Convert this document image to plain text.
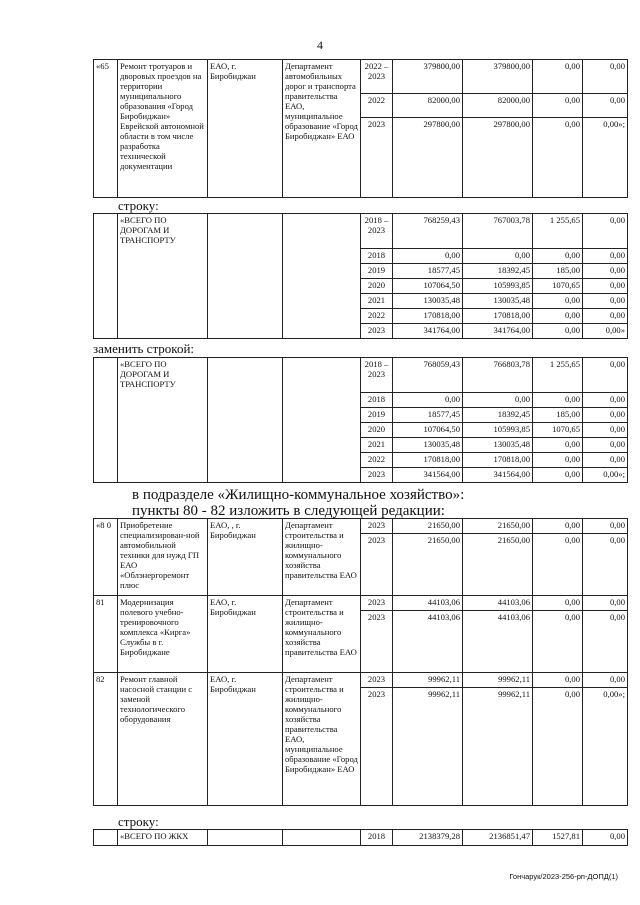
4
«65	Ремонт тротуаров и дворовых проездов на территории муниципального образования «Город Биробиджан» Еврейской автономной области в том числе разработка технической документации	ЕАО, г. Биробиджан	Департамент автомобильных дорог и транспорта правительства ЕАО, муниципальное образование «Город Биробиджан» ЕАО	2022 – 2023	379800,00	379800,00	0,00	0,00
				2022	82000,00	82000,00	0,00	0,00
				2023	297800,00	297800,00	0,00	0,00»;
строку:
	«ВСЕГО ПО ДОРОГАМ И ТРАНСПОРТУ			2018 – 2023	768259,43	767003,78	1 255,65	0,00
				2018	0,00	0,00	0,00	0,00
				2019	18577,45	18392,45	185,00	0,00
				2020	107064,50	105993,85	1070,65	0,00
				2021	130035,48	130035,48	0,00	0,00
				2022	170818,00	170818,00	0,00	0,00
				2023	341764,00	341764,00	0,00	0,00»
заменить строкой:
	«ВСЕГО ПО ДОРОГАМ И ТРАНСПОРТУ			2018 – 2023	768059,43	766803,78	1 255,65	0,00
				2018	0,00	0,00	0,00	0,00
				2019	18577,45	18392,45	185,00	0,00
				2020	107064,50	105993,85	1070,65	0,00
				2021	130035,48	130035,48	0,00	0,00
				2022	170818,00	170818,00	0,00	0,00
				2023	341564,00	341564,00	0,00	0,00»;
в подразделе «Жилищно-коммунальное хозяйство»:
пункты 80 - 82 изложить в следующей редакции:
«8 0	Приобретение специализирован-ной автомобильной техники для нужд ГП ЕАО «Облэнергоремонт плюс	ЕАО, , г. Биробиджан	Департамент строительства и жилищно-коммунального хозяйства правительства ЕАО	2023	21650,00	21650,00	0,00	0,00
				2023	21650,00	21650,00	0,00	0,00
81	Модернизация полевого учебно-тренировочного комплекса «Кирга» Службы в г. Биробиджане	ЕАО, г. Биробиджан	Департамент строительства и жилищно-коммунального хозяйства правительства ЕАО	2023	44103,06	44103,06	0,00	0,00
				2023	44103,06	44103,06	0,00	0,00
82	Ремонт главной насосной станции с заменой технологического оборудования	ЕАО, г. Биробиджан	Департамент строительства и жилищно-коммунального хозяйства правительства ЕАО, муниципальное образование «Город Биробиджан» ЕАО	2023	99962,11	99962,11	0,00	0,00
				2023	99962,11	99962,11	0,00	0,00»;
строку:
	«ВСЕГО ПО ЖКХ			2018	2138379,28	2136851,47	1527,81	0,00
Гончарук/2023-256-рп-ДОПД(1)
